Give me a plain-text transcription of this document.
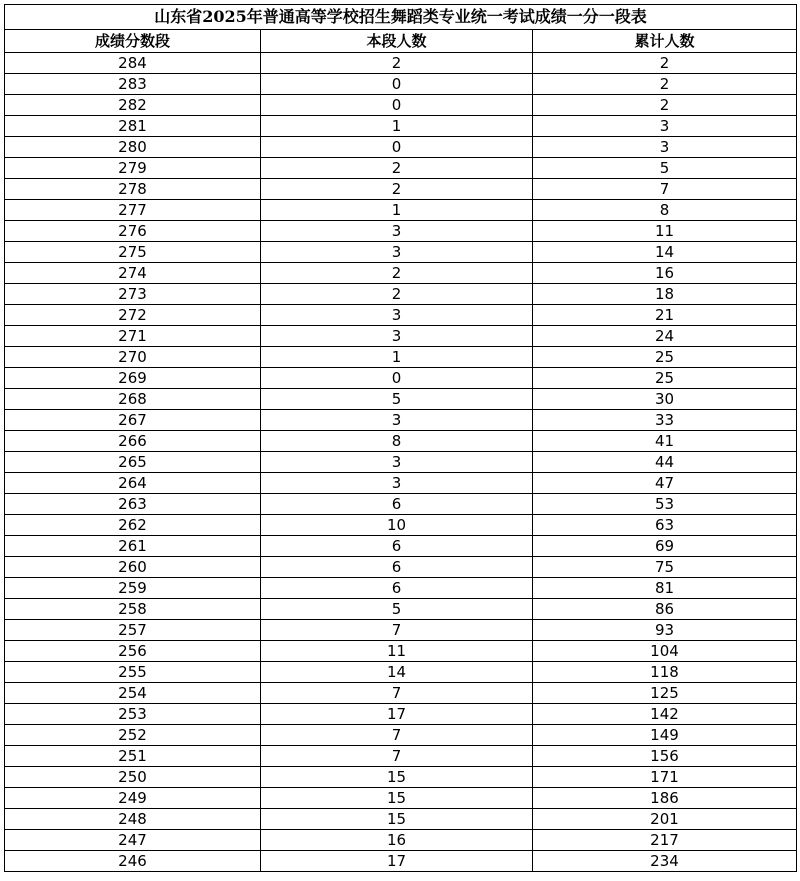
山东省2025年普通高等学校招生舞蹈类专业统一考试成绩一分一段表		
成绩分数段	本段人数	累计人数
284	2	2
283	0	2
282	0	2
281	1	3
280	0	3
279	2	5
278	2	7
277	1	8
276	3	11
275	3	14
274	2	16
273	2	18
272	3	21
271	3	24
270	1	25
269	0	25
268	5	30
267	3	33
266	8	41
265	3	44
264	3	47
263	6	53
262	10	63
261	6	69
260	6	75
259	6	81
258	5	86
257	7	93
256	11	104
255	14	118
254	7	125
253	17	142
252	7	149
251	7	156
250	15	171
249	15	186
248	15	201
247	16	217
246	17	234
